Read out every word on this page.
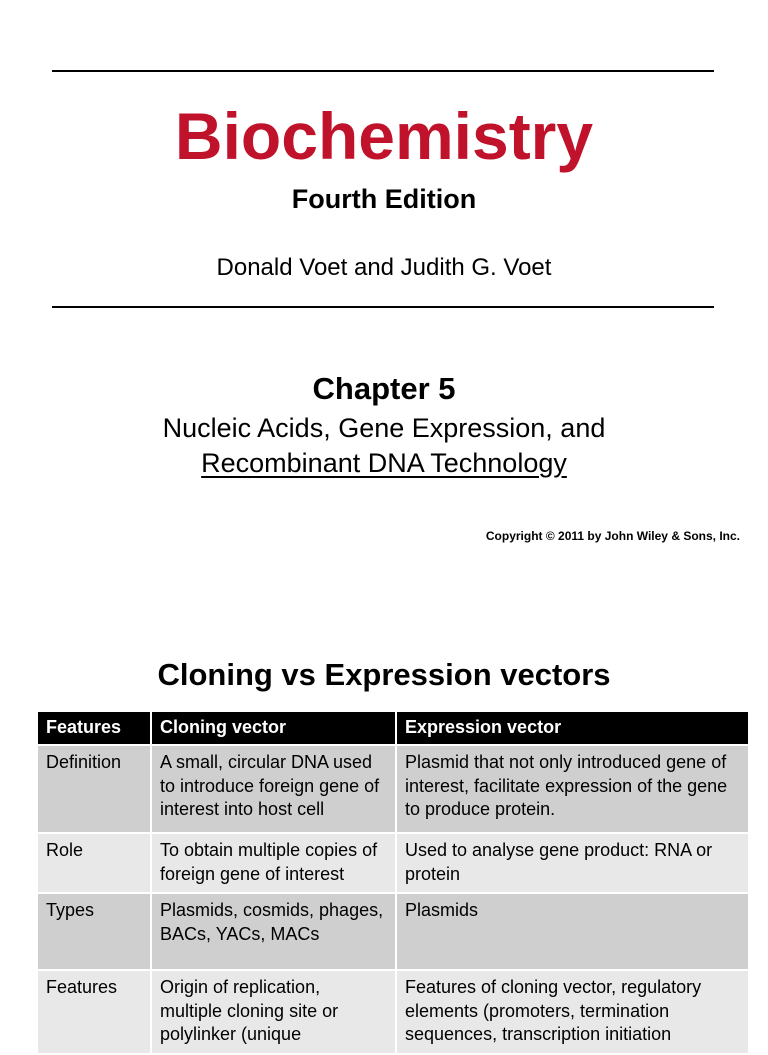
Biochemistry
Fourth Edition
Donald Voet and Judith G. Voet
Chapter 5
Nucleic Acids, Gene Expression, and
Recombinant DNA Technology
Copyright © 2011 by John Wiley & Sons, Inc.
Cloning vs Expression vectors
Features	Cloning vector	Expression vector
Definition	A small, circular DNA used to introduce foreign gene of interest into host cell	Plasmid that not only introduced gene of interest, facilitate expression of the gene to produce protein.
Role	To obtain multiple copies of foreign gene of interest	Used to analyse gene product: RNA or protein
Types	Plasmids, cosmids, phages, BACs, YACs, MACs	Plasmids
Features	Origin of replication, multiple cloning site or polylinker (unique	Features of cloning vector, regulatory elements (promoters, termination sequences, transcription initiation
